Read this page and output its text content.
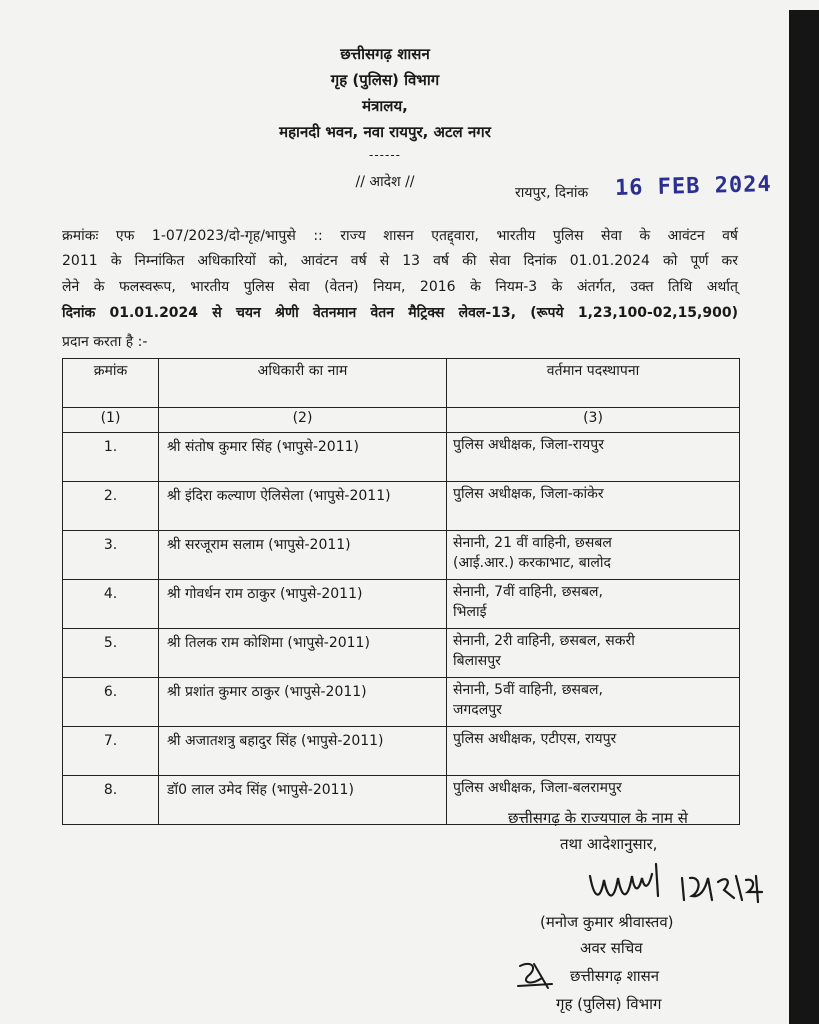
छत्तीसगढ़ शासन
गृह (पुलिस) विभाग
मंत्रालय,
महानदी भवन, नवा रायपुर, अटल नगर
------
// आदेश //
रायपुर, दिनांक 16 FEB 2024
क्रमांकः एफ 1-07/2023/दो-गृह/भापुसे :: राज्य शासन एतद्द्वारा, भारतीय पुलिस सेवा के आवंटन वर्ष
2011 के निम्नांकित अधिकारियों को, आवंटन वर्ष से 13 वर्ष की सेवा दिनांक 01.01.2024 को पूर्ण कर
लेने के फलस्वरूप, भारतीय पुलिस सेवा (वेतन) नियम, 2016 के नियम-3 के अंतर्गत, उक्त तिथि अर्थात्
दिनांक 01.01.2024 से चयन श्रेणी वेतनमान वेतन मैट्रिक्स लेवल-13, (रूपये 1,23,100-02,15,900)
प्रदान करता है :-
क्रमांक	अधिकारी का नाम	वर्तमान पदस्थापना
(1)	(2)	(3)
1.	श्री संतोष कुमार सिंह (भापुसे-2011)	पुलिस अधीक्षक, जिला-रायपुर

2.	श्री इंदिरा कल्याण ऐलिसेला (भापुसे-2011)	पुलिस अधीक्षक, जिला-कांकेर

3.	श्री सरजूराम सलाम (भापुसे-2011)	सेनानी, 21 वीं वाहिनी, छसबल
(आई.आर.) करकाभाट, बालोद

4.	श्री गोवर्धन राम ठाकुर (भापुसे-2011)	सेनानी, 7वीं वाहिनी, छसबल,
भिलाई

5.	श्री तिलक राम कोशिमा (भापुसे-2011)	सेनानी, 2री वाहिनी, छसबल, सकरी
बिलासपुर

6.	श्री प्रशांत कुमार ठाकुर (भापुसे-2011)	सेनानी, 5वीं वाहिनी, छसबल,
जगदलपुर

7.	श्री अजातशत्रु बहादुर सिंह (भापुसे-2011)	पुलिस अधीक्षक, एटीएस, रायपुर

8.	डॉ0 लाल उमेद सिंह (भापुसे-2011)	पुलिस अधीक्षक, जिला-बलरामपुर
छत्तीसगढ़ के राज्यपाल के नाम से
तथा आदेशानुसार,
(मनोज कुमार श्रीवास्तव)
अवर सचिव
छत्तीसगढ़ शासन
गृह (पुलिस) विभाग
